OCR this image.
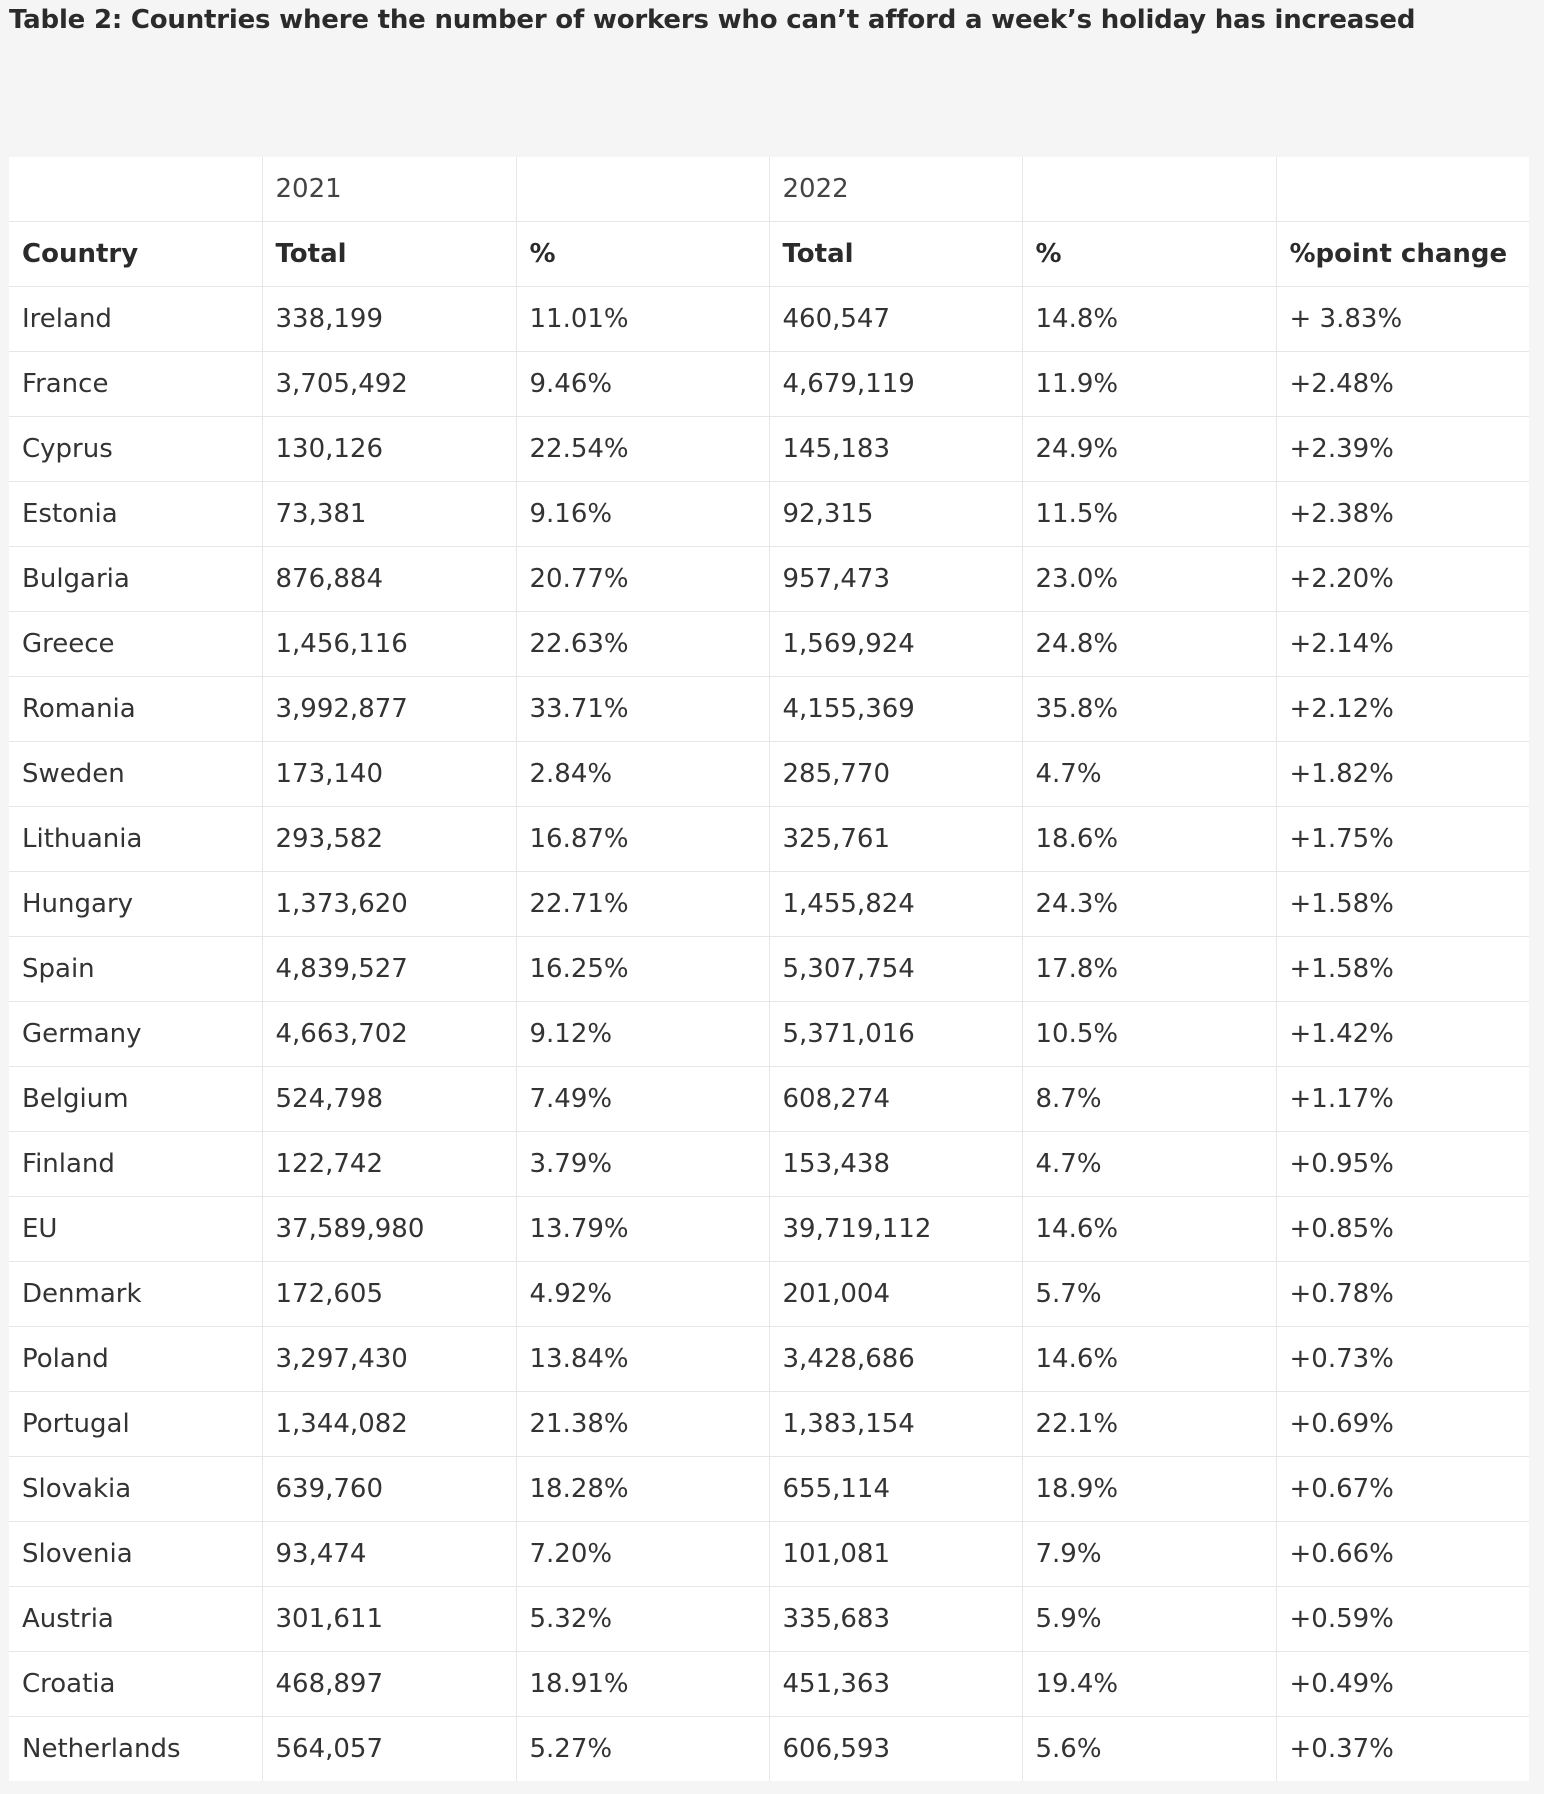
Table 2: Countries where the number of workers who can’t afford a week’s holiday has increased
	2021		2022		
Country	Total	%	Total	%	%point change
Ireland	338,199	11.01%	460,547	14.8%	+ 3.83%
France	3,705,492	9.46%	4,679,119	11.9%	+2.48%
Cyprus	130,126	22.54%	145,183	24.9%	+2.39%
Estonia	73,381	9.16%	92,315	11.5%	+2.38%
Bulgaria	876,884	20.77%	957,473	23.0%	+2.20%
Greece	1,456,116	22.63%	1,569,924	24.8%	+2.14%
Romania	3,992,877	33.71%	4,155,369	35.8%	+2.12%
Sweden	173,140	2.84%	285,770	4.7%	+1.82%
Lithuania	293,582	16.87%	325,761	18.6%	+1.75%
Hungary	1,373,620	22.71%	1,455,824	24.3%	+1.58%
Spain	4,839,527	16.25%	5,307,754	17.8%	+1.58%
Germany	4,663,702	9.12%	5,371,016	10.5%	+1.42%
Belgium	524,798	7.49%	608,274	8.7%	+1.17%
Finland	122,742	3.79%	153,438	4.7%	+0.95%
EU	37,589,980	13.79%	39,719,112	14.6%	+0.85%
Denmark	172,605	4.92%	201,004	5.7%	+0.78%
Poland	3,297,430	13.84%	3,428,686	14.6%	+0.73%
Portugal	1,344,082	21.38%	1,383,154	22.1%	+0.69%
Slovakia	639,760	18.28%	655,114	18.9%	+0.67%
Slovenia	93,474	7.20%	101,081	7.9%	+0.66%
Austria	301,611	5.32%	335,683	5.9%	+0.59%
Croatia	468,897	18.91%	451,363	19.4%	+0.49%
Netherlands	564,057	5.27%	606,593	5.6%	+0.37%
